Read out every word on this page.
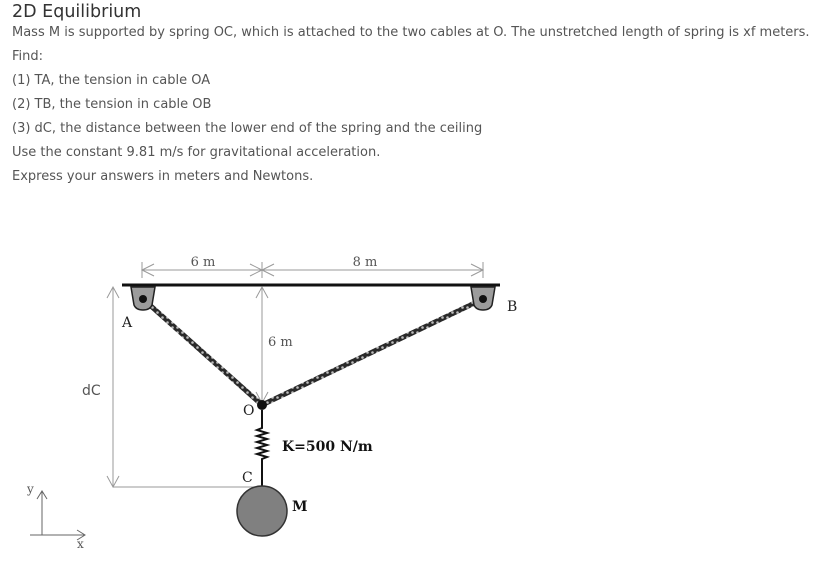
2D Equilibrium
Mass M is supported by spring OC, which is attached to the two cables at O. The unstretched length of spring is xf meters.
Find:
(1) TA, the tension in cable OA
(2) TB, the tension in cable OB
(3) dC, the distance between the lower end of the spring and the ceiling
Use the constant 9.81 m/s for gravitational acceleration.
Express your answers in meters and Newtons.
6 m	8 m
6 m
dC
A
B
O
K=500 N/m
C
M
y
x
